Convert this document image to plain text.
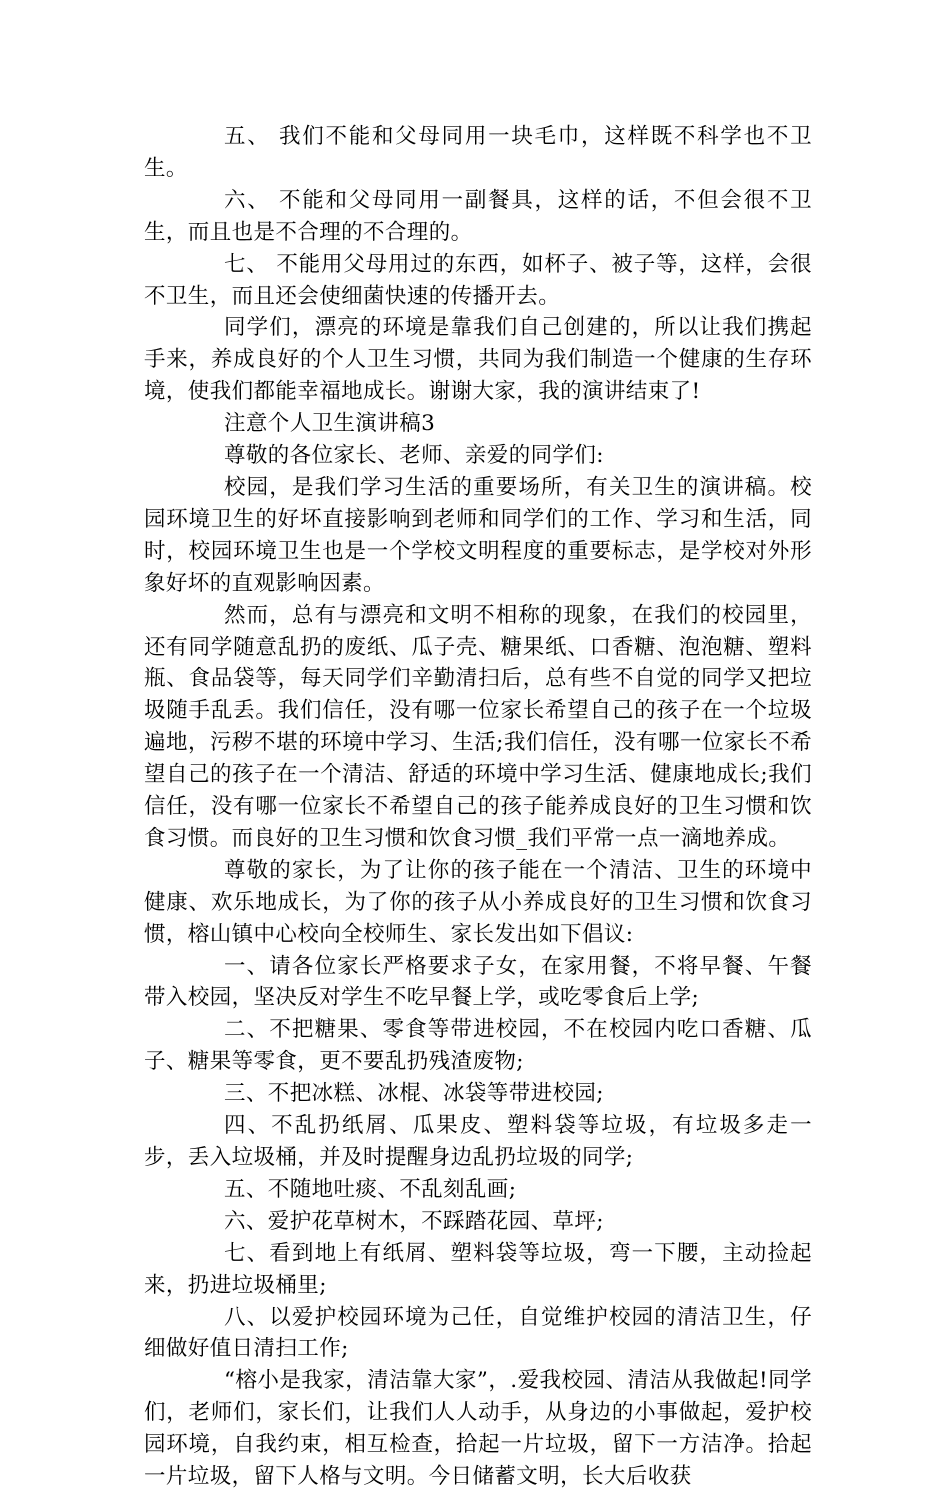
五、 我们不能和父母同用一块毛巾，这样既不科学也不卫生。

六、 不能和父母同用一副餐具，这样的话，不但会很不卫生，而且也是不合理的不合理的。

七、 不能用父母用过的东西，如杯子、被子等，这样，会很不卫生，而且还会使细菌快速的传播开去。

同学们，漂亮的环境是靠我们自己创建的，所以让我们携起手来，养成良好的个人卫生习惯，共同为我们制造一个健康的生存环境，使我们都能幸福地成长。谢谢大家，我的演讲结束了!

注意个人卫生演讲稿3

尊敬的各位家长、老师、亲爱的同学们:

校园，是我们学习生活的重要场所，有关卫生的演讲稿。校园环境卫生的好坏直接影响到老师和同学们的工作、学习和生活，同时，校园环境卫生也是一个学校文明程度的重要标志，是学校对外形象好坏的直观影响因素。

然而，总有与漂亮和文明不相称的现象，在我们的校园里，还有同学随意乱扔的废纸、瓜子壳、糖果纸、口香糖、泡泡糖、塑料瓶、食品袋等，每天同学们辛勤清扫后，总有些不自觉的同学又把垃圾随手乱丢。我们信任，没有哪一位家长希望自己的孩子在一个垃圾遍地，污秽不堪的环境中学习、生活;我们信任，没有哪一位家长不希望自己的孩子在一个清洁、舒适的环境中学习生活、健康地成长;我们信任，没有哪一位家长不希望自己的孩子能养成良好的卫生习惯和饮食习惯。而良好的卫生习惯和饮食习惯_我们平常一点一滴地养成。

尊敬的家长，为了让你的孩子能在一个清洁、卫生的环境中健康、欢乐地成长，为了你的孩子从小养成良好的卫生习惯和饮食习惯，榕山镇中心校向全校师生、家长发出如下倡议:

一、请各位家长严格要求子女，在家用餐，不将早餐、午餐带入校园，坚决反对学生不吃早餐上学，或吃零食后上学;

二、不把糖果、零食等带进校园，不在校园内吃口香糖、瓜子、糖果等零食，更不要乱扔残渣废物;

三、不把冰糕、冰棍、冰袋等带进校园;

四、不乱扔纸屑、瓜果皮、塑料袋等垃圾，有垃圾多走一步，丢入垃圾桶，并及时提醒身边乱扔垃圾的同学;

五、不随地吐痰、不乱刻乱画;

六、爱护花草树木，不踩踏花园、草坪;

七、看到地上有纸屑、塑料袋等垃圾，弯一下腰，主动捡起来，扔进垃圾桶里;

八、以爱护校园环境为己任，自觉维护校园的清洁卫生，仔细做好值日清扫工作;

“榕小是我家，清洁靠大家”，.爱我校园、清洁从我做起!同学们，老师们，家长们，让我们人人动手，从身边的小事做起，爱护校园环境，自我约束，相互检查，拾起一片垃圾，留下一方洁净。拾起一片垃圾，留下人格与文明。今日储蓄文明，长大后收获
